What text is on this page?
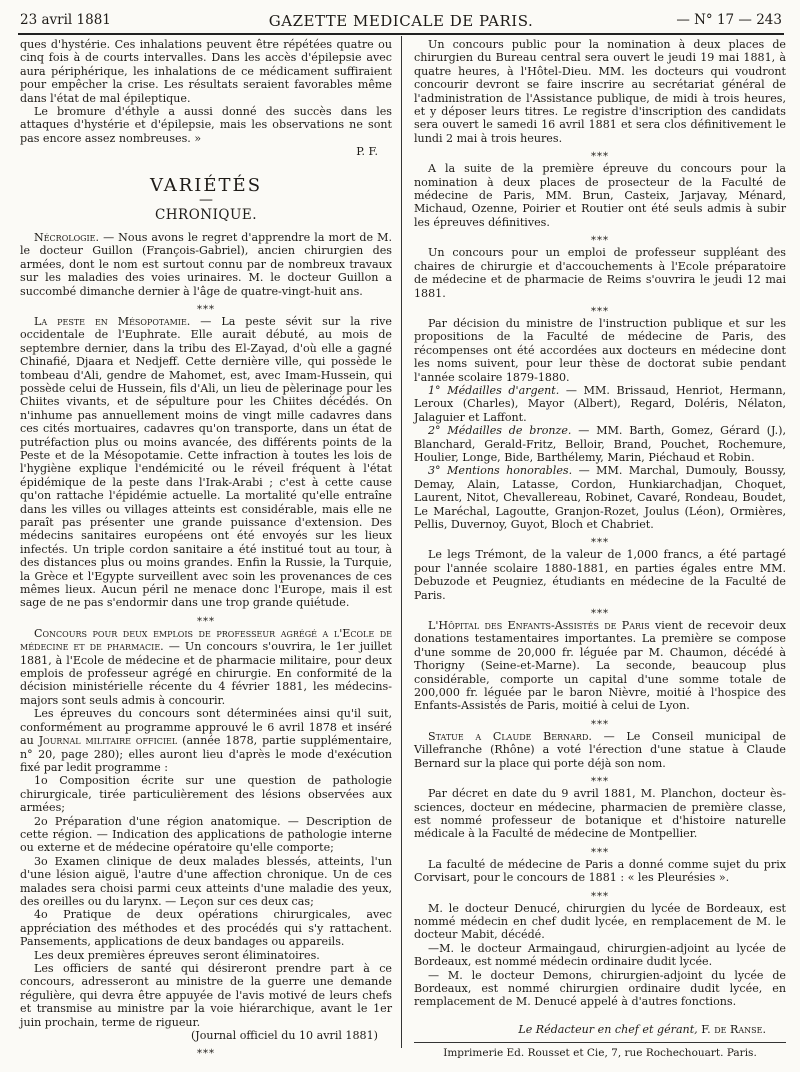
23 avril 1881	GAZETTE MEDICALE DE PARIS.	— N° 17 — 243

ques d'hystérie. Ces inhalations peuvent être répétées quatre ou cinq fois à de courts intervalles. Dans les accès d'épilepsie avec aura périphérique, les inhalations de ce médicament suffiraient pour empêcher la crise. Les résultats seraient favorables même dans l'état de mal épileptique.

Le bromure d'éthyle a aussi donné des succès dans les attaques d'hystérie et d'épilepsie, mais les observations ne sont pas encore assez nombreuses. »

P. F.
VARIÉTÉS
—
CHRONIQUE.

Nécrologie. — Nous avons le regret d'apprendre la mort de M. le docteur Guillon (François-Gabriel), ancien chirurgien des armées, dont le nom est surtout connu par de nombreux travaux sur les maladies des voies urinaires. M. le docteur Guillon a succombé dimanche dernier à l'âge de quatre-vingt-huit ans.

⁎⁎⁎

La peste en Mésopotamie. — La peste sévit sur la rive occidentale de l'Euphrate. Elle aurait débuté, au mois de septembre dernier, dans la tribu des El-Zayad, d'où elle a gagné Chinafié, Djaara et Nedjeff. Cette dernière ville, qui possède le tombeau d'Ali, gendre de Mahomet, est, avec Imam-Hussein, qui possède celui de Hussein, fils d'Ali, un lieu de pèlerinage pour les Chiites vivants, et de sépulture pour les Chiites décédés. On n'inhume pas annuellement moins de vingt mille cadavres dans ces cités mortuaires, cadavres qu'on transporte, dans un état de putréfaction plus ou moins avancée, des différents points de la Peste et de la Mésopotamie. Cette infraction à toutes les lois de l'hygiène explique l'endémicité ou le réveil fréquent à l'état épidémique de la peste dans l'Irak-Arabi ; c'est à cette cause qu'on rattache l'épidémie actuelle. La mortalité qu'elle entraîne dans les villes ou villages atteints est considérable, mais elle ne paraît pas présenter une grande puissance d'extension. Des médecins sanitaires européens ont été envoyés sur les lieux infectés. Un triple cordon sanitaire a été institué tout au tour, à des distances plus ou moins grandes. Enfin la Russie, la Turquie, la Grèce et l'Egypte surveillent avec soin les provenances de ces mêmes lieux. Aucun péril ne menace donc l'Europe, mais il est sage de ne pas s'endormir dans une trop grande quiétude.

⁎⁎⁎

Concours pour deux emplois de professeur agrégé a l'Ecole de médecine et de pharmacie. — Un concours s'ouvrira, le 1er juillet 1881, à l'Ecole de médecine et de pharmacie militaire, pour deux emplois de professeur agrégé en chirurgie. En conformité de la décision ministérielle récente du 4 février 1881, les médecins-majors sont seuls admis à concourir.

Les épreuves du concours sont déterminées ainsi qu'il suit, conformément au programme approuvé le 6 avril 1878 et inséré au Journal militaire officiel (année 1878, partie supplémentaire, n° 20, page 280); elles auront lieu d'après le mode d'exécution fixé par ledit programme :

1o Composition écrite sur une question de pathologie chirurgicale, tirée particulièrement des lésions observées aux armées;

2o Préparation d'une région anatomique. — Description de cette région. — Indication des applications de pathologie interne ou externe et de médecine opératoire qu'elle comporte;

3o Examen clinique de deux malades blessés, atteints, l'un d'une lésion aiguë, l'autre d'une affection chronique. Un de ces malades sera choisi parmi ceux atteints d'une maladie des yeux, des oreilles ou du larynx. — Leçon sur ces deux cas;

4o Pratique de deux opérations chirurgicales, avec appréciation des méthodes et des procédés qui s'y rattachent. Pansements, applications de deux bandages ou appareils.

Les deux premières épreuves seront éliminatoires.

Les officiers de santé qui désireront prendre part à ce concours, adresseront au ministre de la guerre une demande régulière, qui devra être appuyée de l'avis motivé de leurs chefs et transmise au ministre par la voie hiérarchique, avant le 1er juin prochain, terme de rigueur.

(Journal officiel du 10 avril 1881)
⁎⁎⁎

Un concours public pour la nomination à deux places de chirurgien du Bureau central sera ouvert le jeudi 19 mai 1881, à quatre heures, à l'Hôtel-Dieu. MM. les docteurs qui voudront concourir devront se faire inscrire au secrétariat général de l'administration de l'Assistance publique, de midi à trois heures, et y déposer leurs titres. Le registre d'inscription des candidats sera ouvert le samedi 16 avril 1881 et sera clos définitivement le lundi 2 mai à trois heures.

⁎⁎⁎

A la suite de la première épreuve du concours pour la nomination à deux places de prosecteur de la Faculté de médecine de Paris, MM. Brun, Casteix, Jarjavay, Ménard, Michaud, Ozenne, Poirier et Routier ont été seuls admis à subir les épreuves définitives.

⁎⁎⁎

Un concours pour un emploi de professeur suppléant des chaires de chirurgie et d'accouchements à l'Ecole préparatoire de médecine et de pharmacie de Reims s'ouvrira le jeudi 12 mai 1881.

⁎⁎⁎

Par décision du ministre de l'instruction publique et sur les propositions de la Faculté de médecine de Paris, des récompenses ont été accordées aux docteurs en médecine dont les noms suivent, pour leur thèse de doctorat subie pendant l'année scolaire 1879-1880.

1° Médailles d'argent. — MM. Brissaud, Henriot, Hermann, Leroux (Charles), Mayor (Albert), Regard, Doléris, Nélaton, Jalaguier et Laffont.

2° Médailles de bronze. — MM. Barth, Gomez, Gérard (J.), Blanchard, Gerald-Fritz, Belloir, Brand, Pouchet, Rochemure, Houlier, Longe, Bide, Barthélemy, Marin, Piéchaud et Robin.

3° Mentions honorables. — MM. Marchal, Dumouly, Boussy, Demay, Alain, Latasse, Cordon, Hunkiarchadjan, Choquet, Laurent, Nitot, Chevallereau, Robinet, Cavaré, Rondeau, Boudet, Le Maréchal, Lagoutte, Granjon-Rozet, Joulus (Léon), Ormières, Pellis, Duvernoy, Guyot, Bloch et Chabriet.

⁎⁎⁎

Le legs Trémont, de la valeur de 1,000 francs, a été partagé pour l'année scolaire 1880-1881, en parties égales entre MM. Debuzode et Peugniez, étudiants en médecine de la Faculté de Paris.

⁎⁎⁎

L'Hôpital des Enfants-Assistés de Paris vient de recevoir deux donations testamentaires importantes. La première se compose d'une somme de 20,000 fr. léguée par M. Chaumon, décédé à Thorigny (Seine-et-Marne). La seconde, beaucoup plus considérable, comporte un capital d'une somme totale de 200,000 fr. léguée par le baron Nièvre, moitié à l'hospice des Enfants-Assistés de Paris, moitié à celui de Lyon.

⁎⁎⁎

Statue a Claude Bernard. — Le Conseil municipal de Villefranche (Rhône) a voté l'érection d'une statue à Claude Bernard sur la place qui porte déjà son nom.

⁎⁎⁎

Par décret en date du 9 avril 1881, M. Planchon, docteur ès-sciences, docteur en médecine, pharmacien de première classe, est nommé professeur de botanique et d'histoire naturelle médicale à la Faculté de médecine de Montpellier.

⁎⁎⁎

La faculté de médecine de Paris a donné comme sujet du prix Corvisart, pour le concours de 1881 : « les Pleurésies ».

⁎⁎⁎

M. le docteur Denucé, chirurgien du lycée de Bordeaux, est nommé médecin en chef dudit lycée, en remplacement de M. le docteur Mabit, décédé.

—M. le docteur Armaingaud, chirurgien-adjoint au lycée de Bordeaux, est nommé médecin ordinaire dudit lycée.

— M. le docteur Demons, chirurgien-adjoint du lycée de Bordeaux, est nommé chirurgien ordinaire dudit lycée, en remplacement de M. Denucé appelé à d'autres fonctions.

Le Rédacteur en chef et gérant, F. de Ranse.
Imprimerie Ed. Rousset et Cie, 7, rue Rochechouart. Paris.
